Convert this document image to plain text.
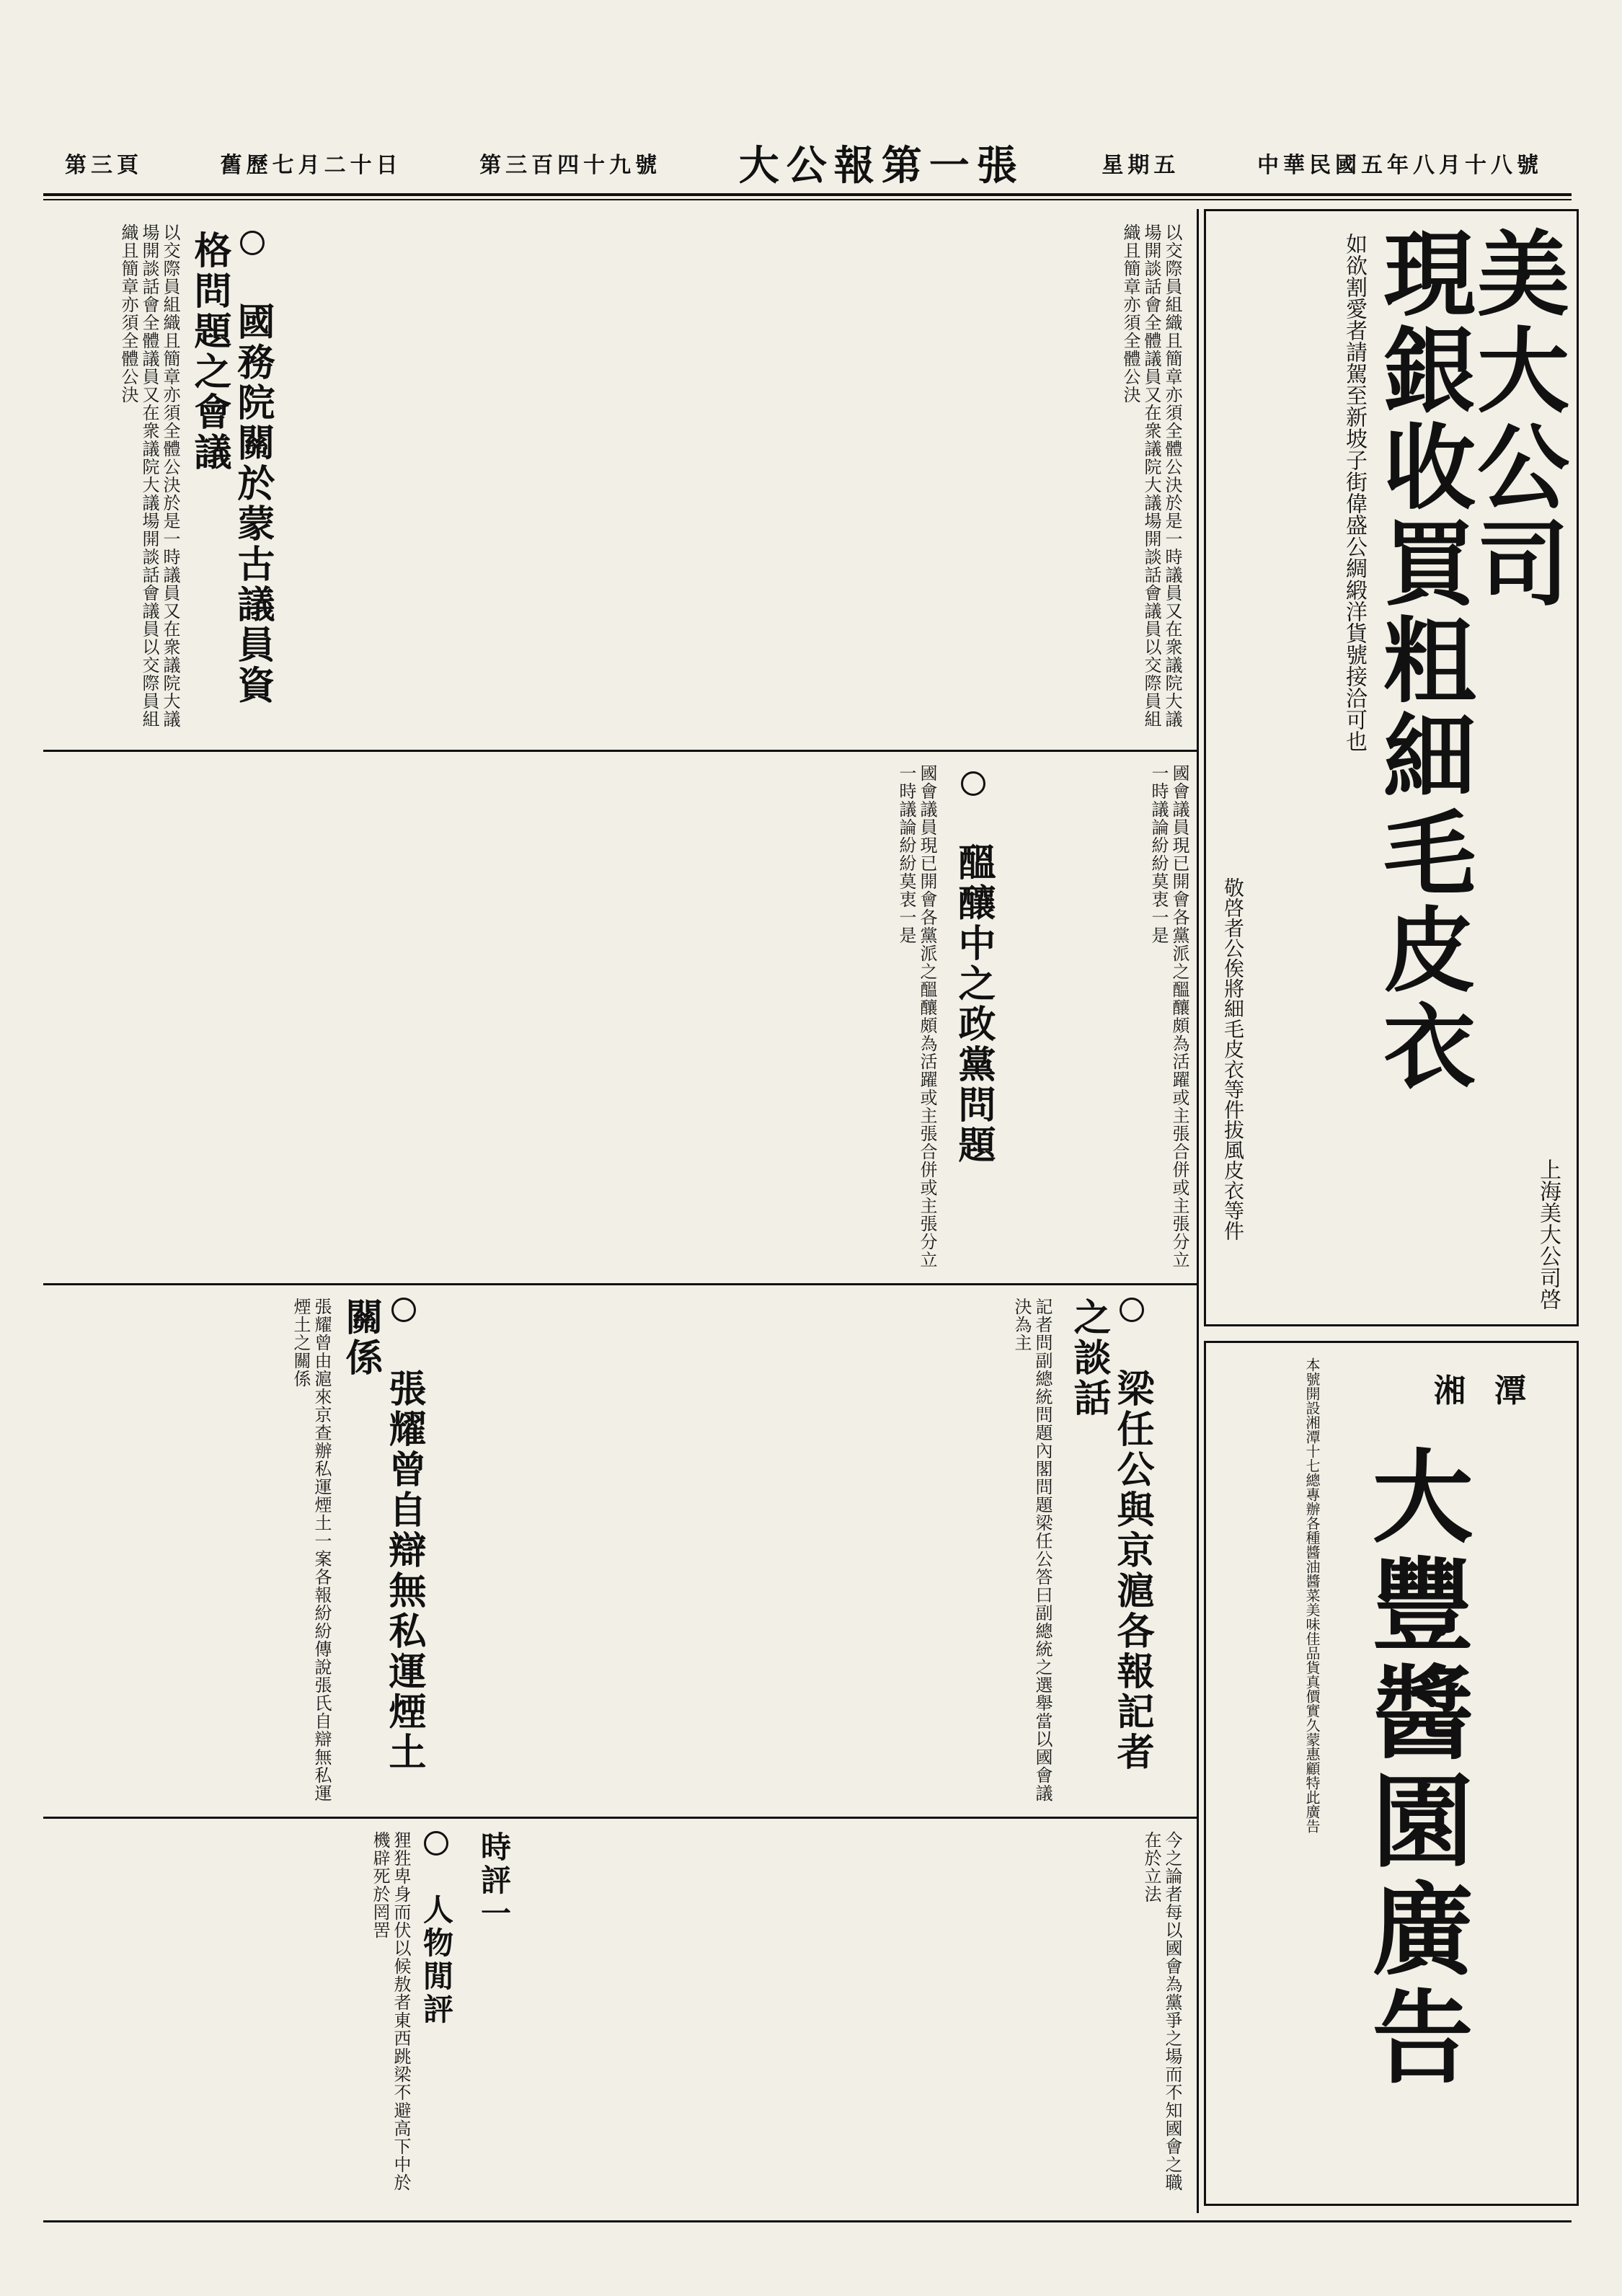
中華民國五年八月十八號
星期五
大公報第一張
第三百四十九號
舊歷七月二十日
第三頁
美大公司
現銀收買粗細毛皮衣
如欲割愛者請駕至新坡子街偉盛公綢緞洋貨號接洽可也
上海美大公司啓
敬啓者公俟將細毛皮衣等件拔風皮衣等件
湘潭
大豐醬園廣告
本號開設湘潭十七總專辦各種醬油醬菜美味佳品貨真價實久蒙惠顧特此廣告
國務院關於蒙古議員資格問題之會議	以交際員組織且簡章亦須全體公決於是一時議員又在衆議院大議場開談話會全體議員又在衆議院大議場開談話會議員以交際員組織且簡章亦須全體公決
以交際員組織且簡章亦須全體公決於是一時議員又在衆議院大議場開談話會全體議員又在衆議院大議場開談話會議員以交際員組織且簡章亦須全體公決
醞釀中之政黨問題
國會議員現已開會各黨派之醞釀頗為活躍或主張合併或主張分立一時議論紛紛莫衷一是	國會議員現已開會各黨派之醞釀頗為活躍或主張合併或主張分立一時議論紛紛莫衷一是
梁任公與京滬各報記者之談話
記者問副總統問題內閣問題梁任公答曰副總統之選舉當以國會議決為主
張耀曾自辯無私運煙土關係
張耀曾由滬來京查辦私運煙土一案各報紛紛傳說張氏自辯無私運煙土之關係
人物閒評
狸狌卑身而伏以候敖者東西跳梁不避高下中於機辟死於罔罟	時評一	今之論者每以國會為黨爭之場而不知國會之職在於立法
